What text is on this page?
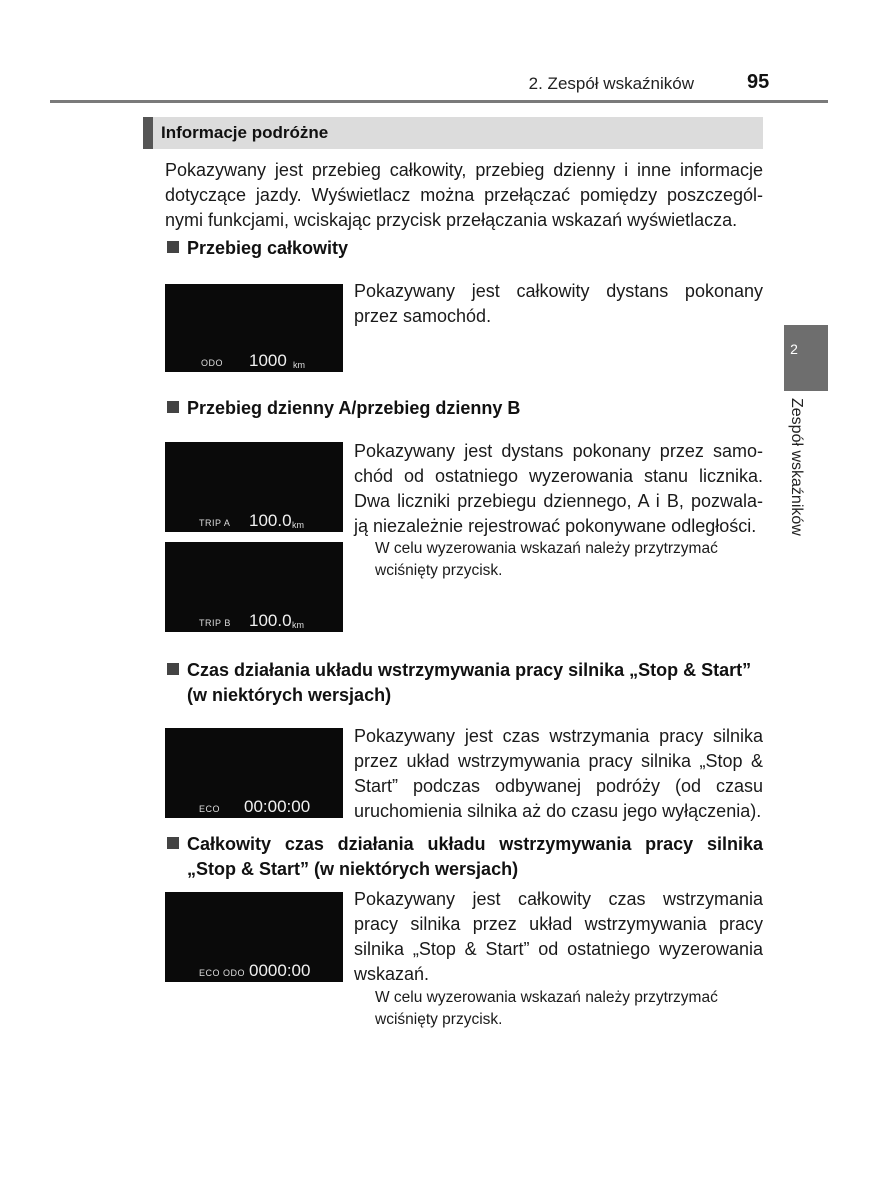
2. Zespół wskaźników	95
2
Zespół wskaźników
Informacje podróżne
Pokazywany jest przebieg całkowity, przebieg dzienny i inne informacje
dotyczące jazdy. Wyświetlacz można przełączać pomiędzy poszczegól-
nymi funkcjami, wciskając przycisk przełączania wskazań wyświetlacza.
Przebieg całkowity
ODO 1000 km
Pokazywany jest całkowity dystans pokonany
przez samochód.
Przebieg dzienny A/przebieg dzienny B
TRIP A 100.0 km
TRIP B 100.0 km
Pokazywany jest dystans pokonany przez samo-
chód od ostatniego wyzerowania stanu licznika.
Dwa liczniki przebiegu dziennego, A i B, pozwala-
ją niezależnie rejestrować pokonywane odległości.
W celu wyzerowania wskazań należy przytrzymać
wciśnięty przycisk.
Czas działania układu wstrzymywania pracy silnika „Stop & Start”
(w niektórych wersjach)
ECO 00:00:00
Pokazywany jest czas wstrzymania pracy silnika
przez układ wstrzymywania pracy silnika „Stop &
Start” podczas odbywanej podróży (od czasu
uruchomienia silnika aż do czasu jego wyłączenia).
Całkowity czas działania układu wstrzymywania pracy silnika
„Stop & Start” (w niektórych wersjach)
ECO ODO 0000:00
Pokazywany jest całkowity czas wstrzymania
pracy silnika przez układ wstrzymywania pracy
silnika „Stop & Start” od ostatniego wyzerowania
wskazań.
W celu wyzerowania wskazań należy przytrzymać
wciśnięty przycisk.
